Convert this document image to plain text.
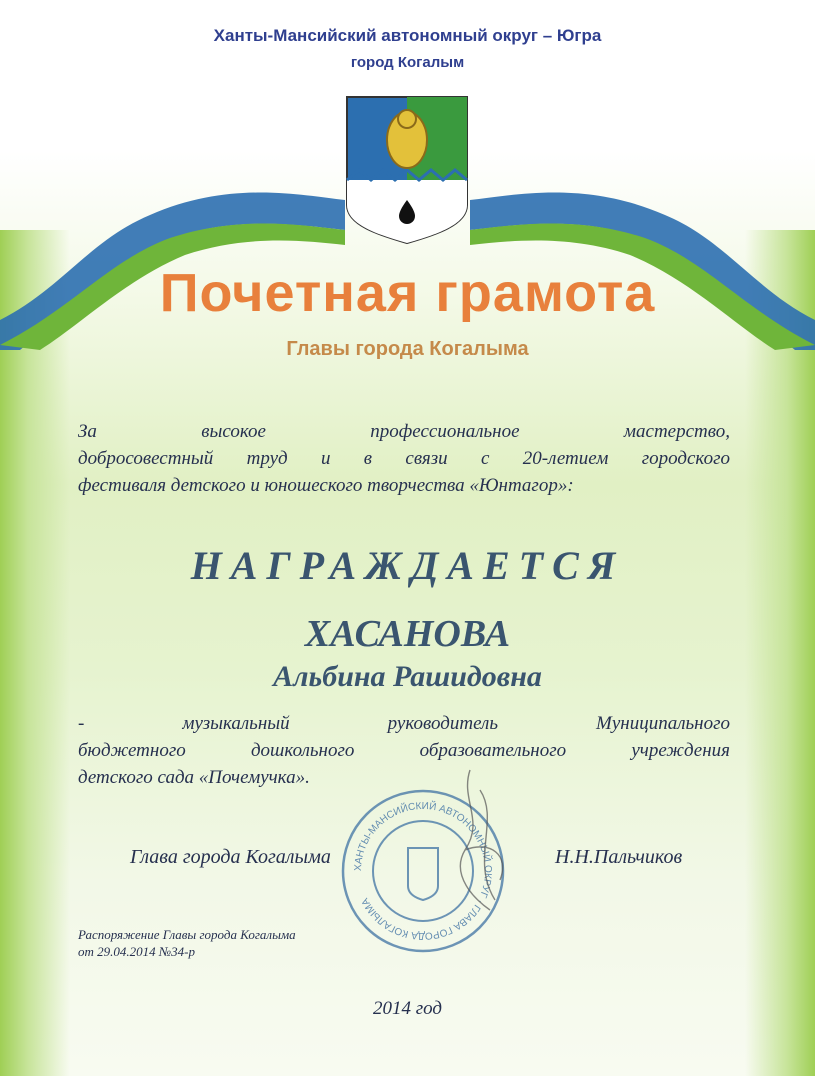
Ханты-Мансийский автономный округ – Югра
город Когалым
Почетная грамота
Главы города Когалыма
За высокое профессиональное мастерство,
добросовестный труд и в связи с 20-летием городского
фестиваля детского и юношеского творчества «Юнтагор»:
НАГРАЖДАЕТСЯ
ХАСАНОВА
Альбина Рашидовна
- музыкальный руководитель Муниципального
бюджетного дошкольного образовательного учреждения
детского сада «Почемучка».
ХАНТЫ-МАНСИЙСКИЙ АВТОНОМНЫЙ ОКРУГ · ГЛАВА ГОРОДА КОГАЛЫМА
Глава города Когалыма	Н.Н.Пальчиков
Распоряжение Главы города Когалыма
от 29.04.2014 №34-р
2014 год
